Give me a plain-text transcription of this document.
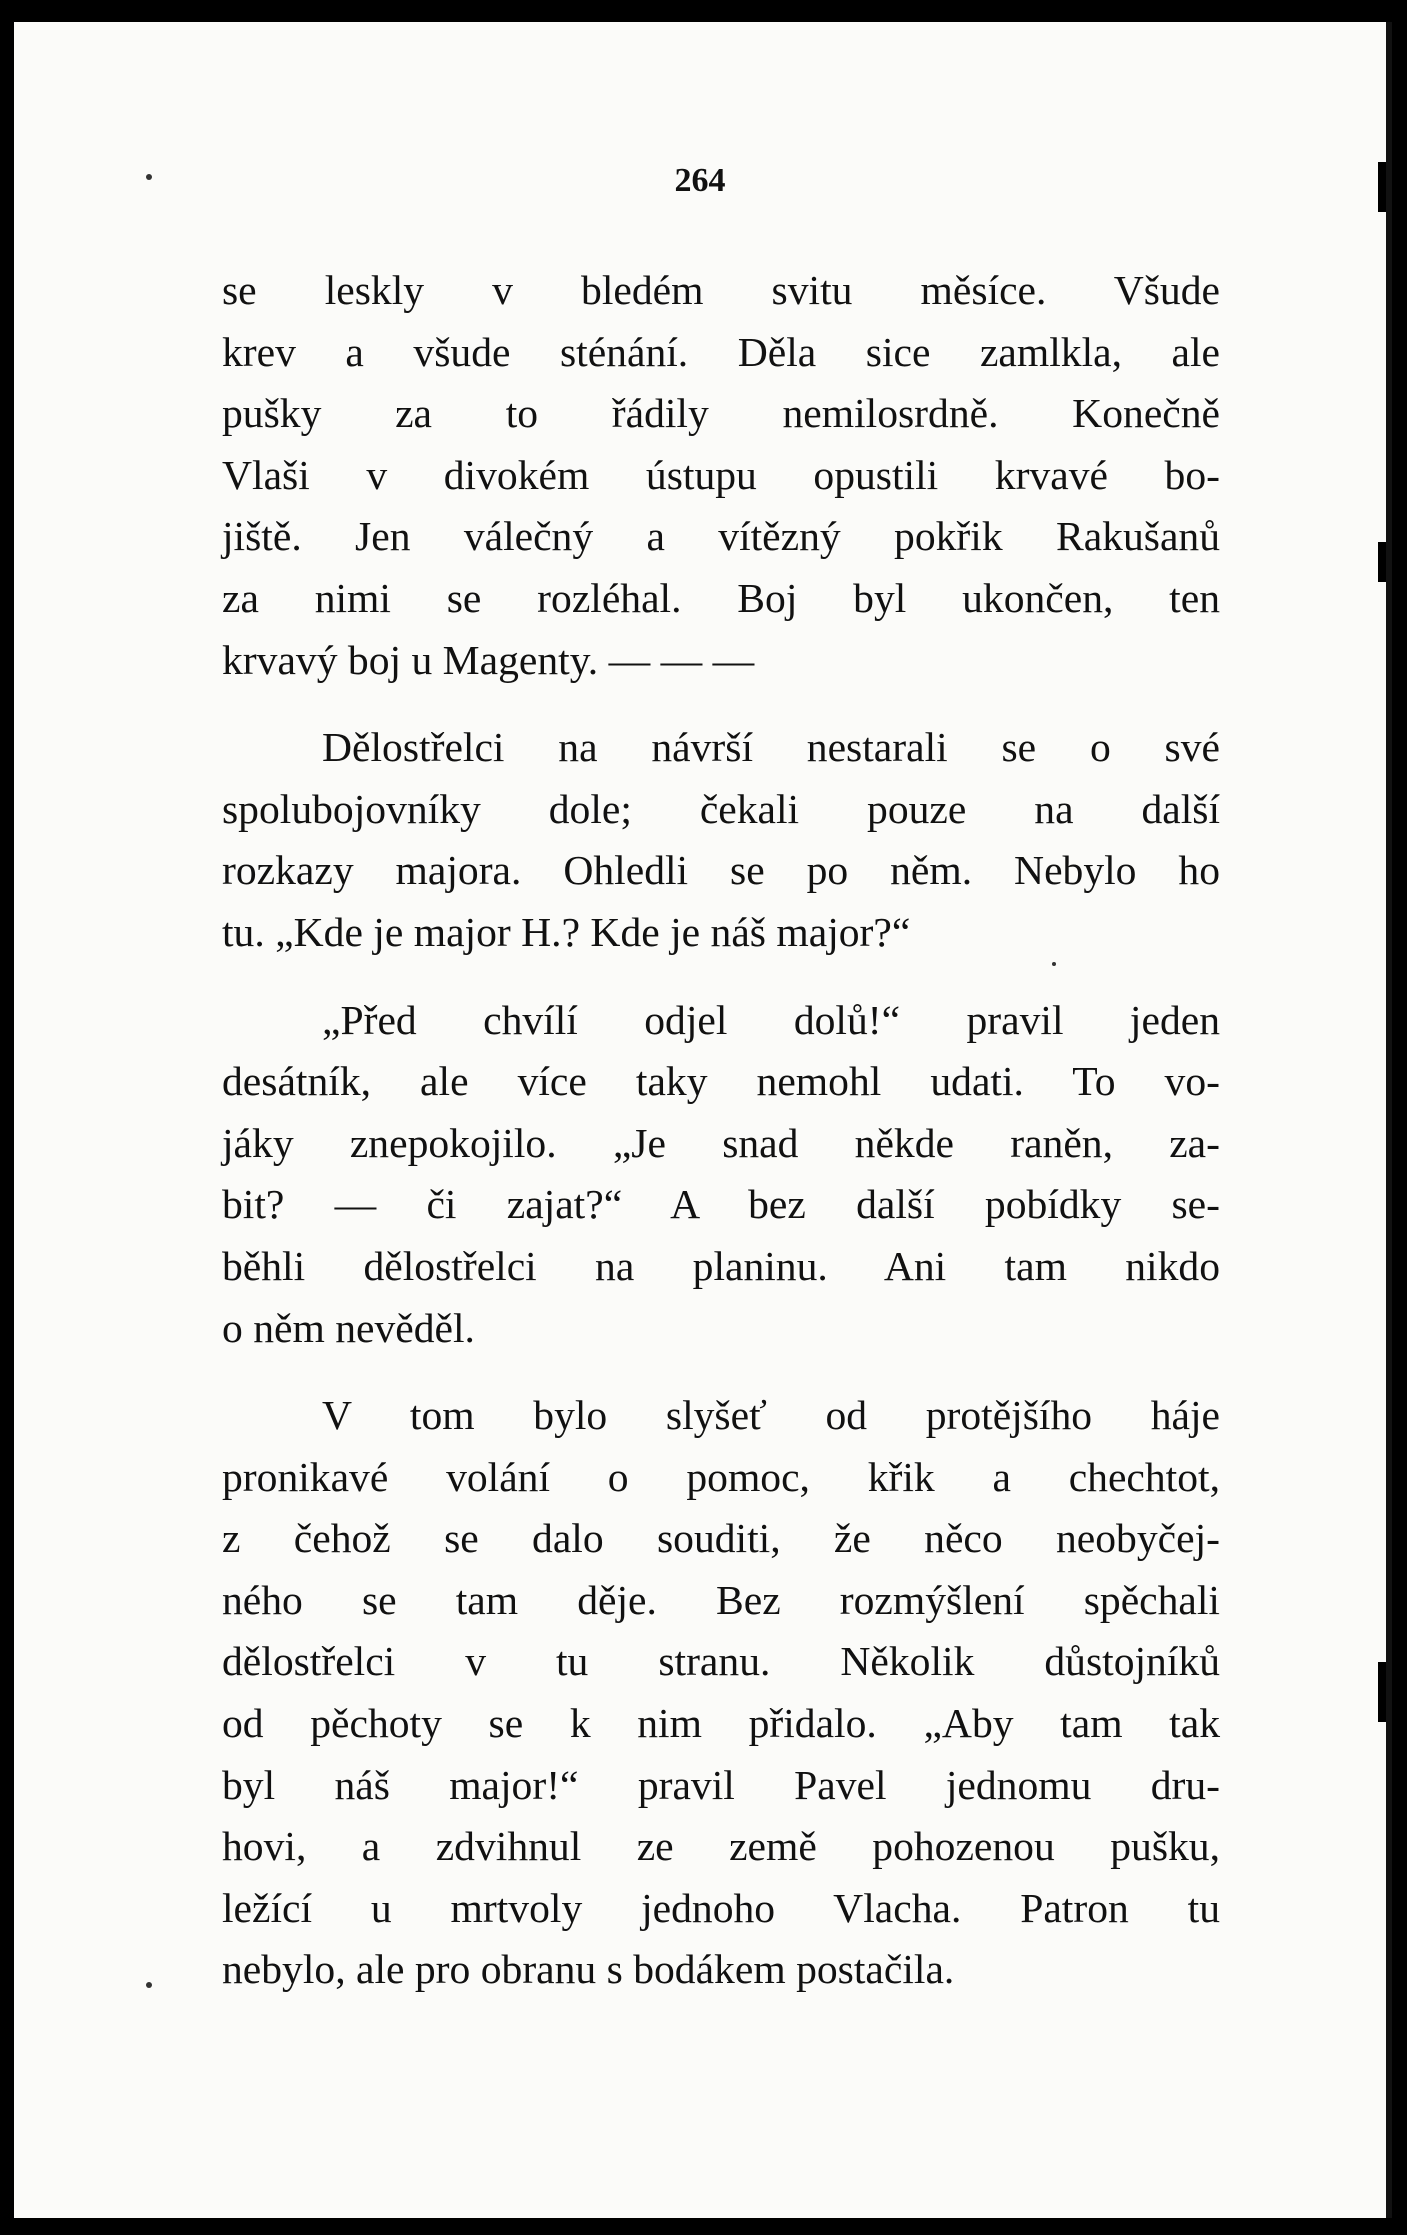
264
se leskly v bledém svitu měsíce. Všude
krev a všude sténání. Děla sice zamlkla, ale
pušky za to řádily nemilosrdně. Konečně
Vlaši v divokém ústupu opustili krvavé bo-
jiště. Jen válečný a vítězný pokřik Rakušanů
za nimi se rozléhal. Boj byl ukončen, ten
krvavý boj u Magenty. — — —
Dělostřelci na návrší nestarali se o své
spolubojovníky dole; čekali pouze na další
rozkazy majora. Ohledli se po něm. Nebylo ho
tu. „Kde je major H.? Kde je náš major?“
„Před chvílí odjel dolů!“ pravil jeden
desátník, ale více taky nemohl udati. To vo-
jáky znepokojilo. „Je snad někde raněn, za-
bit? — či zajat?“ A bez další pobídky se-
běhli dělostřelci na planinu. Ani tam nikdo
o něm nevěděl.
V tom bylo slyšeť od protějšího háje
pronikavé volání o pomoc, křik a chechtot,
z čehož se dalo souditi, že něco neobyčej-
ného se tam děje. Bez rozmýšlení spěchali
dělostřelci v tu stranu. Několik důstojníků
od pěchoty se k nim přidalo. „Aby tam tak
byl náš major!“ pravil Pavel jednomu dru-
hovi, a zdvihnul ze země pohozenou pušku,
ležící u mrtvoly jednoho Vlacha. Patron tu
nebylo, ale pro obranu s bodákem postačila.
